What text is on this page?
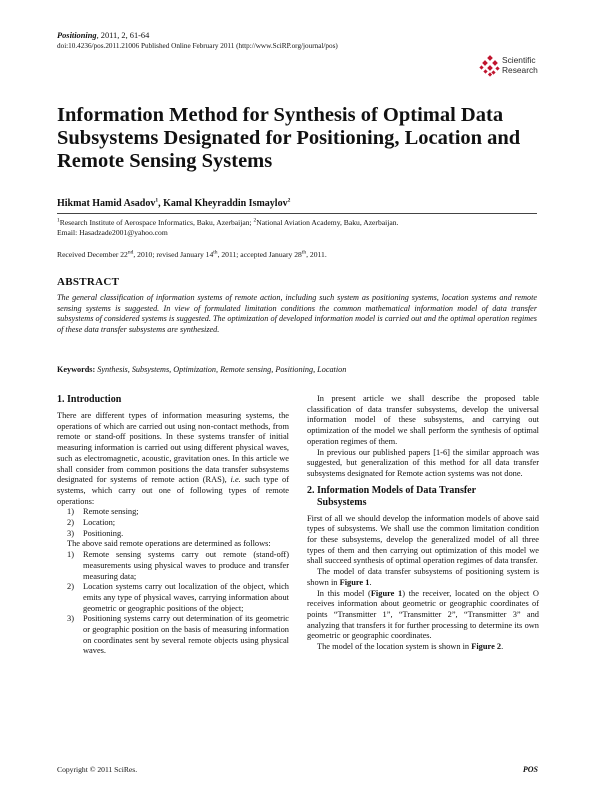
Positioning, 2011, 2, 61-64
doi:10.4236/pos.2011.21006 Published Online February 2011 (http://www.SciRP.org/journal/pos)
Scientific
Research
Information Method for Synthesis of Optimal Data Subsystems Designated for Positioning, Location and Remote Sensing Systems
Hikmat Hamid Asadov$^1$, Kamal Kheyraddin Ismaylov$^2$
$^1$Research Institute of Aerospace Informatics, Baku, Azerbaijan; $^2$National Aviation Academy, Baku, Azerbaijan.
Email: Hasadzade2001@yahoo.com
Received December 22nd, 2010; revised January 14th, 2011; accepted January 28th, 2011.
ABSTRACT
The general classification of information systems of remote action, including such system as positioning systems, location systems and remote sensing systems is suggested. In view of formulated limitation conditions the common mathematical information model of data transfer subsystems of considered systems is suggested. The optimization of developed information model is carried out and the optimal operation regimes of these data transfer subsystems are synthesized.
Keywords: Synthesis, Subsystems, Optimization, Remote sensing, Positioning, Location
1. Introduction

There are different types of information measuring systems, the operations of which are carried out using non-contact methods, from remote or stand-off positions. In these systems transfer of initial measuring information is carried out using different physical waves, such as electromagnetic, acoustic, gravitation ones. In this article we shall consider from common positions the data transfer subsystems designated for systems of remote action (RAS), i.e. such type of systems, which carry out one of following types of remote operations:

1) Remote sensing;
2) Location;
3) Positioning.

The above said remote operations are determined as follows:

1) Remote sensing systems carry out remote (stand-off) measurements using physical waves to produce and transfer measuring data;
2) Location systems carry out localization of the object, which emits any type of physical waves, carrying information about geometric or geographic positions of the object;
3) Positioning systems carry out determination of its geometric or geographic position on the basis of measuring information on coordinates sent by several remote objects using physical waves.

In present article we shall describe the proposed table classification of data transfer subsystems, develop the universal information model of these subsystems, and carrying out optimization of the model we shall perform the synthesis of optimal operation regimes of them.

In previous our published papers [1-6] the similar approach was suggested, but generalization of this method for all data transfer subsystems designated for Remote action systems was not done.

2. Information Models of Data Transfer
Subsystems

First of all we should develop the information models of above said types of subsystems. We shall use the common limitation condition for these subsystems, develop the generalized model of all three types of them and then carrying out optimization of this model we shall succeed synthesis of optimal operation regimes of data transfer.

The model of data transfer subsystems of positioning system is shown in Figure 1.

In this model (Figure 1) the receiver, located on the object O receives information about geometric or geographic coordinates of points “Transmitter 1”, “Transmitter 2”, “Transmitter 3” and analyzing that transfers it for further processing to determine its own geometric or geographic coordinates.

The model of the location system is shown in Figure 2.

Copyright © 2011 SciRes.	POS
